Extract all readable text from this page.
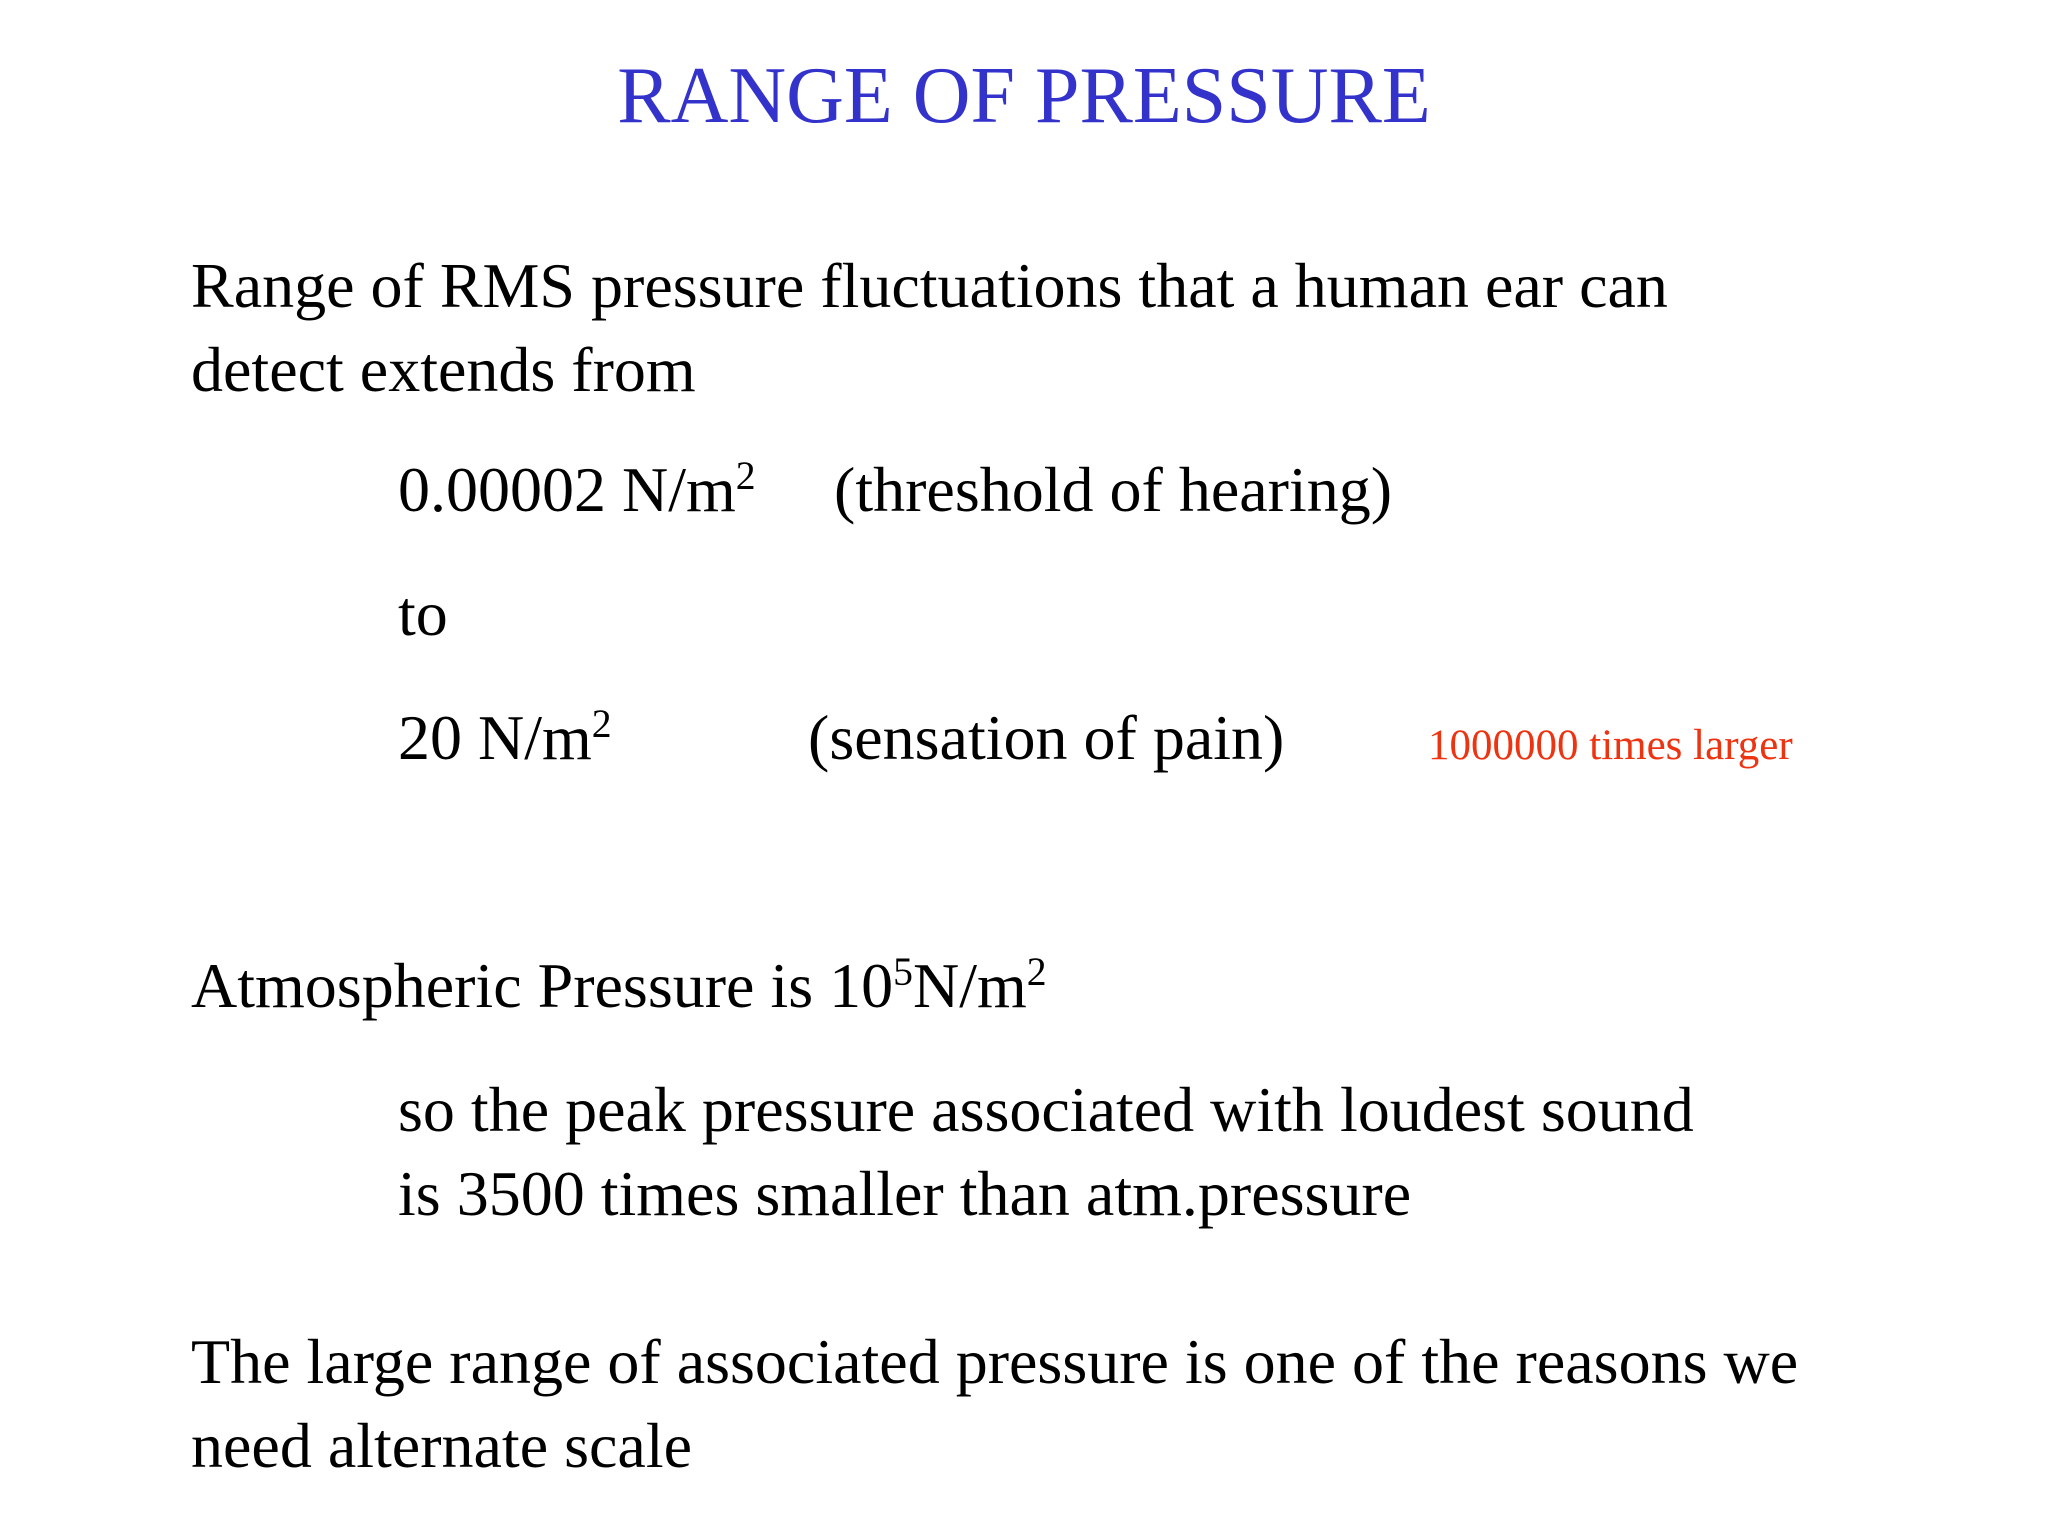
RANGE OF PRESSURE
Range of RMS pressure fluctuations that a human ear can
detect extends from
0.00002 $N/m^2$ (threshold of hearing)
to
20 $N/m^2$	(sensation of pain)	1000000 times larger
Atmospheric Pressure is $10^5N/m^2$
so the peak pressure associated with loudest sound
is 3500 times smaller than atm.pressure
The large range of associated pressure is one of the reasons we
need alternate scale
